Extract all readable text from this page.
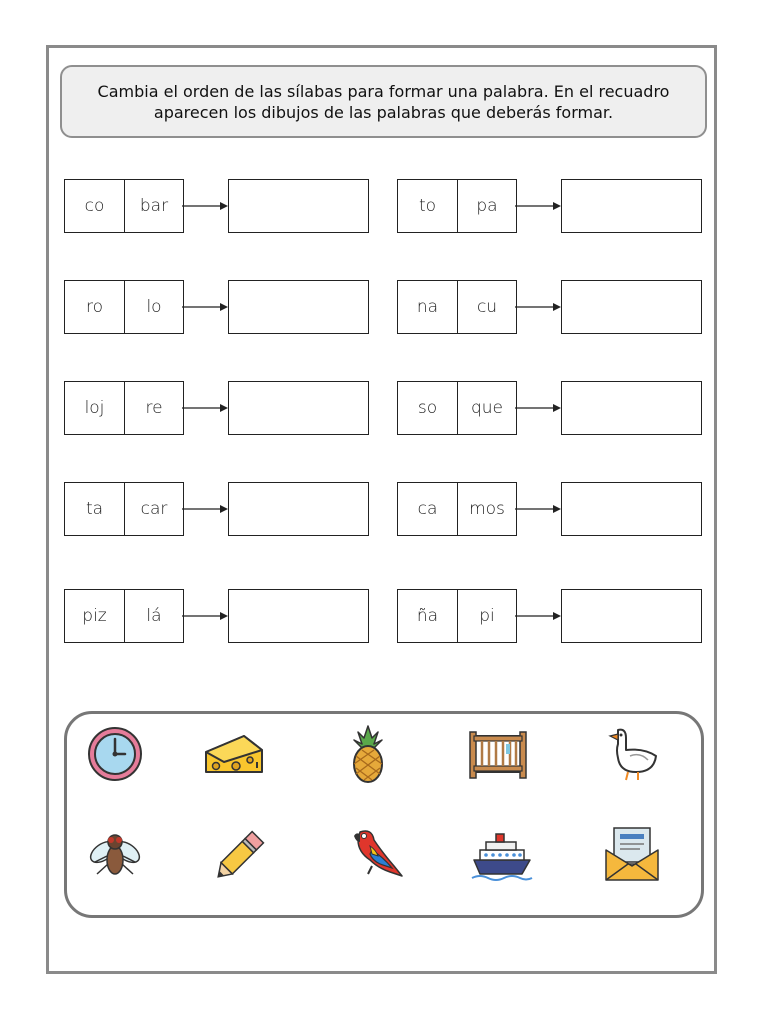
Cambia el orden de las sílabas para formar una palabra. En el recuadro
aparecen los dibujos de las palabras que deberás formar.
co	bar
ro	lo
loj	re
ta	car
piz	lá
to	pa
na	cu
so	que
ca	mos
ña	pi
